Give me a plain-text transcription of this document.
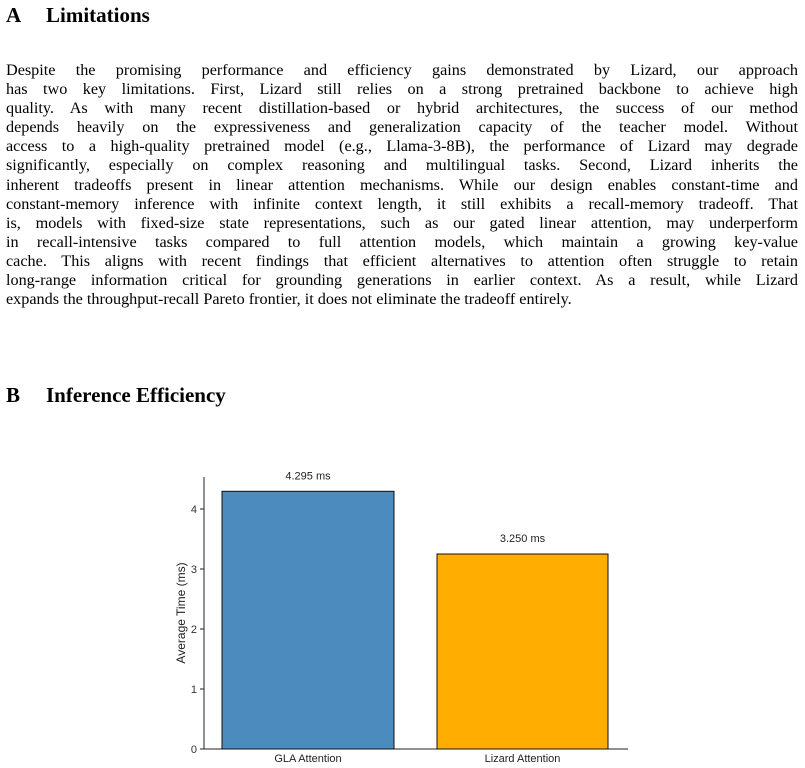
A Limitations

Despite the promising performance and efficiency gains demonstrated by Lizard, our approach
has two key limitations. First, Lizard still relies on a strong pretrained backbone to achieve high
quality. As with many recent distillation-based or hybrid architectures, the success of our method
depends heavily on the expressiveness and generalization capacity of the teacher model. Without
access to a high-quality pretrained model (e.g., Llama-3-8B), the performance of Lizard may degrade
significantly, especially on complex reasoning and multilingual tasks. Second, Lizard inherits the
inherent tradeoffs present in linear attention mechanisms. While our design enables constant-time and
constant-memory inference with infinite context length, it still exhibits a recall-memory tradeoff. That
is, models with fixed-size state representations, such as our gated linear attention, may underperform
in recall-intensive tasks compared to full attention models, which maintain a growing key-value
cache. This aligns with recent findings that efficient alternatives to attention often struggle to retain
long-range information critical for grounding generations in earlier context. As a result, while Lizard
expands the throughput-recall Pareto frontier, it does not eliminate the tradeoff entirely.

B Inference Efficiency
0
1
2
3
4
4.295 ms
GLA Attention
3.250 ms
Lizard Attention
Average Time (ms)
